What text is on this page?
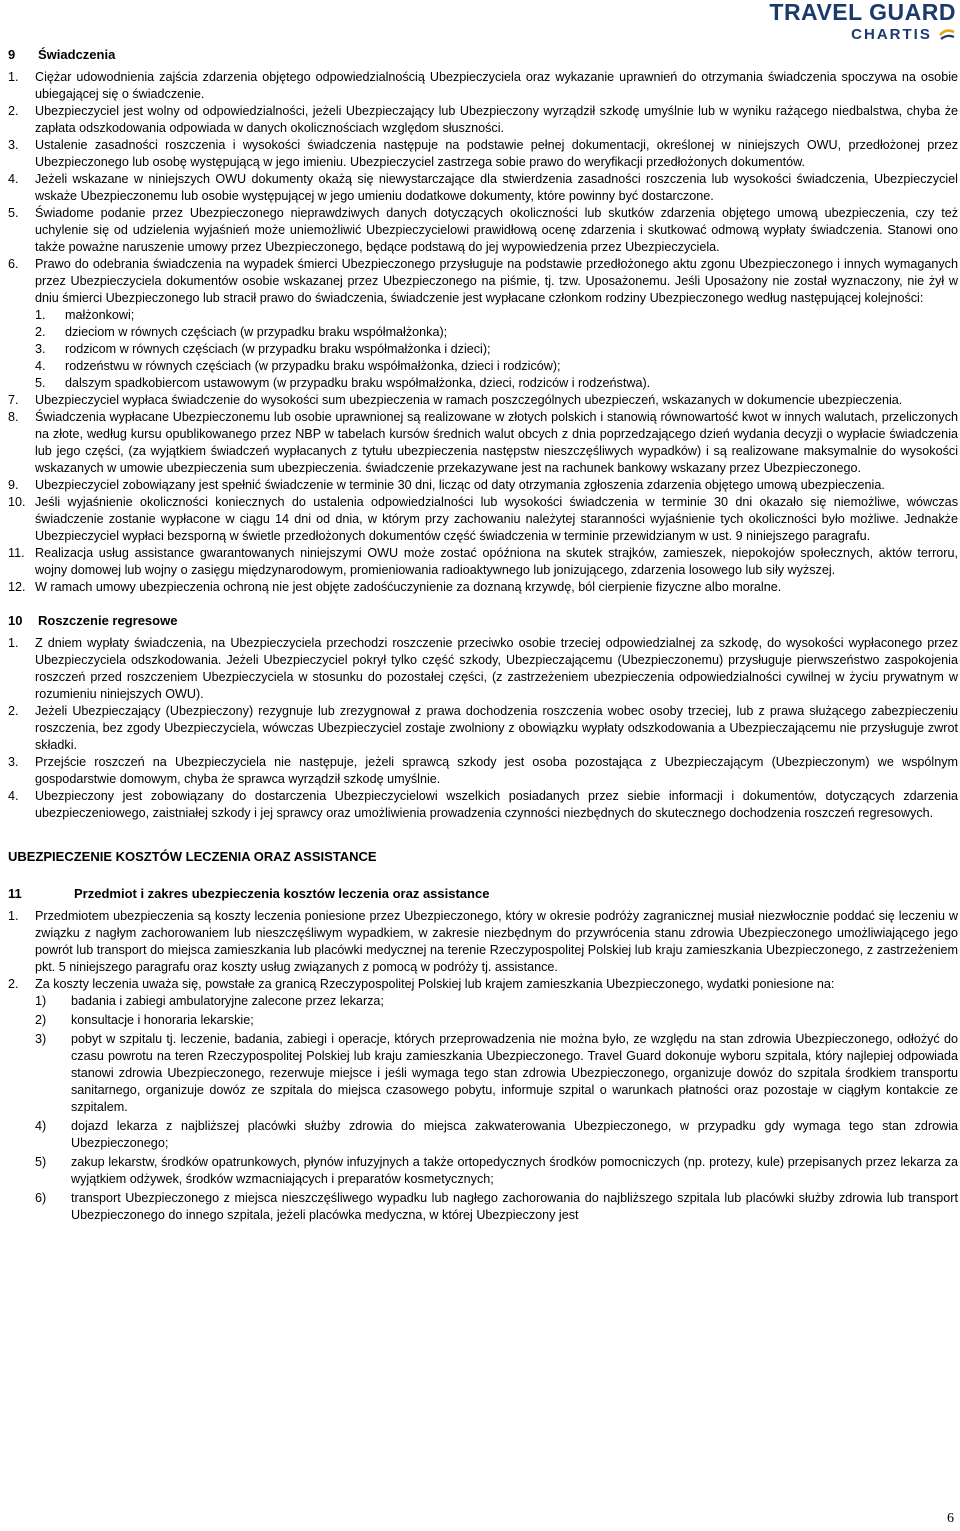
TRAVEL GUARD
CHARTIS
9	Świadczenia
1.	Ciężar udowodnienia zajścia zdarzenia objętego odpowiedzialnością Ubezpieczyciela oraz wykazanie uprawnień do otrzymania świadczenia spoczywa na osobie ubiegającej się o świadczenie.
2.	Ubezpieczyciel jest wolny od odpowiedzialności, jeżeli Ubezpieczający lub Ubezpieczony wyrządził szkodę umyślnie lub w wyniku rażącego niedbalstwa, chyba że zapłata odszkodowania odpowiada w danych okolicznościach względom słuszności.
3.	Ustalenie zasadności roszczenia i wysokości świadczenia następuje na podstawie pełnej dokumentacji, określonej w niniejszych OWU, przedłożonej przez Ubezpieczonego lub osobę występującą w jego imieniu. Ubezpieczyciel zastrzega sobie prawo do weryfikacji przedłożonych dokumentów.
4.	Jeżeli wskazane w niniejszych OWU dokumenty okażą się niewystarczające dla stwierdzenia zasadności roszczenia lub wysokości świadczenia, Ubezpieczyciel wskaże Ubezpieczonemu lub osobie występującej w jego umieniu dodatkowe dokumenty, które powinny być dostarczone.
5.	Świadome podanie przez Ubezpieczonego nieprawdziwych danych dotyczących okoliczności lub skutków zdarzenia objętego umową ubezpieczenia, czy też uchylenie się od udzielenia wyjaśnień może uniemożliwić Ubezpieczycielowi prawidłową ocenę zdarzenia i skutkować odmową wypłaty świadczenia. Stanowi ono także poważne naruszenie umowy przez Ubezpieczonego, będące podstawą do jej wypowiedzenia przez Ubezpieczyciela.
6.	Prawo do odebrania świadczenia na wypadek śmierci Ubezpieczonego przysługuje na podstawie przedłożonego aktu zgonu Ubezpieczonego i innych wymaganych przez Ubezpieczyciela dokumentów osobie wskazanej przez Ubezpieczonego na piśmie, tj. tzw. Uposażonemu. Jeśli Uposażony nie został wyznaczony, nie żył w dniu śmierci Ubezpieczonego lub stracił prawo do świadczenia, świadczenie jest wypłacane członkom rodziny Ubezpieczonego według następującej kolejności:
1.	małżonkowi;
2.	dzieciom w równych częściach (w przypadku braku współmałżonka);
3.	rodzicom w równych częściach (w przypadku braku współmałżonka i dzieci);
4.	rodzeństwu w równych częściach (w przypadku braku współmałżonka, dzieci i rodziców);
5.	dalszym spadkobiercom ustawowym (w przypadku braku współmałżonka, dzieci, rodziców i rodzeństwa).
7.	Ubezpieczyciel wypłaca świadczenie do wysokości sum ubezpieczenia w ramach poszczególnych ubezpieczeń, wskazanych w dokumencie ubezpieczenia.
8.	Świadczenia wypłacane Ubezpieczonemu lub osobie uprawnionej są realizowane w złotych polskich i stanowią równowartość kwot w innych walutach, przeliczonych na złote, według kursu opublikowanego przez NBP w tabelach kursów średnich walut obcych z dnia poprzedzającego dzień wydania decyzji o wypłacie świadczenia lub jego części, (za wyjątkiem świadczeń wypłacanych z tytułu ubezpieczenia następstw nieszczęśliwych wypadków) i są realizowane maksymalnie do wysokości wskazanych w umowie ubezpieczenia sum ubezpieczenia. świadczenie przekazywane jest na rachunek bankowy wskazany przez Ubezpieczonego.
9.	Ubezpieczyciel zobowiązany jest spełnić świadczenie w terminie 30 dni, licząc od daty otrzymania zgłoszenia zdarzenia objętego umową ubezpieczenia.
10. Jeśli wyjaśnienie okoliczności koniecznych do ustalenia odpowiedzialności lub wysokości świadczenia w terminie 30 dni okazało się niemożliwe, wówczas świadczenie zostanie wypłacone w ciągu 14 dni od dnia, w którym przy zachowaniu należytej staranności wyjaśnienie tych okoliczności było możliwe. Jednakże Ubezpieczyciel wypłaci bezsporną w świetle przedłożonych dokumentów część świadczenia w terminie przewidzianym w ust. 9 niniejszego paragrafu.
11. Realizacja usług assistance gwarantowanych niniejszymi OWU może zostać opóźniona na skutek strajków, zamieszek, niepokojów społecznych, aktów terroru, wojny domowej lub wojny o zasięgu międzynarodowym, promieniowania radioaktywnego lub jonizującego, zdarzenia losowego lub siły wyższej.
12. W ramach umowy ubezpieczenia ochroną nie jest objęte zadośćuczynienie za doznaną krzywdę, ból cierpienie fizyczne albo moralne.
10	Roszczenie regresowe
1.	Z dniem wypłaty świadczenia, na Ubezpieczyciela przechodzi roszczenie przeciwko osobie trzeciej odpowiedzialnej za szkodę, do wysokości wypłaconego przez Ubezpieczyciela odszkodowania. Jeżeli Ubezpieczyciel pokrył tylko część szkody, Ubezpieczającemu (Ubezpieczonemu) przysługuje pierwszeństwo zaspokojenia roszczeń przed roszczeniem Ubezpieczyciela w stosunku do pozostałej części, (z zastrzeżeniem ubezpieczenia odpowiedzialności cywilnej w życiu prywatnym w rozumieniu niniejszych OWU).
2.	Jeżeli Ubezpieczający (Ubezpieczony) rezygnuje lub zrezygnował z prawa dochodzenia roszczenia wobec osoby trzeciej, lub z prawa służącego zabezpieczeniu roszczenia, bez zgody Ubezpieczyciela, wówczas Ubezpieczyciel zostaje zwolniony z obowiązku wypłaty odszkodowania a Ubezpieczającemu nie przysługuje zwrot składki.
3.	Przejście roszczeń na Ubezpieczyciela nie następuje, jeżeli sprawcą szkody jest osoba pozostająca z Ubezpieczającym (Ubezpieczonym) we wspólnym gospodarstwie domowym, chyba że sprawca wyrządził szkodę umyślnie.
4.	Ubezpieczony jest zobowiązany do dostarczenia Ubezpieczycielowi wszelkich posiadanych przez siebie informacji i dokumentów, dotyczących zdarzenia ubezpieczeniowego, zaistniałej szkody i jej sprawcy oraz umożliwienia prowadzenia czynności niezbędnych do skutecznego dochodzenia roszczeń regresowych.
UBEZPIECZENIE KOSZTÓW LECZENIA ORAZ ASSISTANCE
11	Przedmiot i zakres ubezpieczenia kosztów leczenia oraz assistance
1.	Przedmiotem ubezpieczenia są koszty leczenia poniesione przez Ubezpieczonego, który w okresie podróży zagranicznej musiał niezwłocznie poddać się leczeniu w związku z nagłym zachorowaniem lub nieszczęśliwym wypadkiem, w zakresie niezbędnym do przywrócenia stanu zdrowia Ubezpieczonego umożliwiającego jego powrót lub transport do miejsca zamieszkania lub placówki medycznej na terenie Rzeczypospolitej Polskiej lub kraju zamieszkania Ubezpieczonego, z zastrzeżeniem pkt. 5 niniejszego paragrafu oraz koszty usług związanych z pomocą w podróży tj. assistance.
2.	Za koszty leczenia uważa się, powstałe za granicą Rzeczypospolitej Polskiej lub krajem zamieszkania Ubezpieczonego, wydatki poniesione na:
1)	badania i zabiegi ambulatoryjne zalecone przez lekarza;
2)	konsultacje i honoraria lekarskie;
3)	pobyt w szpitalu tj. leczenie, badania, zabiegi i operacje, których przeprowadzenia nie można było, ze względu na stan zdrowia Ubezpieczonego, odłożyć do czasu powrotu na teren Rzeczypospolitej Polskiej lub kraju zamieszkania Ubezpieczonego. Travel Guard dokonuje wyboru szpitala, który najlepiej odpowiada stanowi zdrowia Ubezpieczonego, rezerwuje miejsce i jeśli wymaga tego stan zdrowia Ubezpieczonego, organizuje dowóz do szpitala środkiem transportu sanitarnego, organizuje dowóz ze szpitala do miejsca czasowego pobytu, informuje szpital o warunkach płatności oraz pozostaje w ciągłym kontakcie ze szpitalem.
4)	dojazd lekarza z najbliższej placówki służby zdrowia do miejsca zakwaterowania Ubezpieczonego, w przypadku gdy wymaga tego stan zdrowia Ubezpieczonego;
5)	zakup lekarstw, środków opatrunkowych, płynów infuzyjnych a także ortopedycznych środków pomocniczych (np. protezy, kule) przepisanych przez lekarza za wyjątkiem odżywek, środków wzmacniających i preparatów kosmetycznych;
6)	transport Ubezpieczonego z miejsca nieszczęśliwego wypadku lub nagłego zachorowania do najbliższego szpitala lub placówki służby zdrowia lub transport Ubezpieczonego do innego szpitala, jeżeli placówka medyczna, w której Ubezpieczony jest
6
